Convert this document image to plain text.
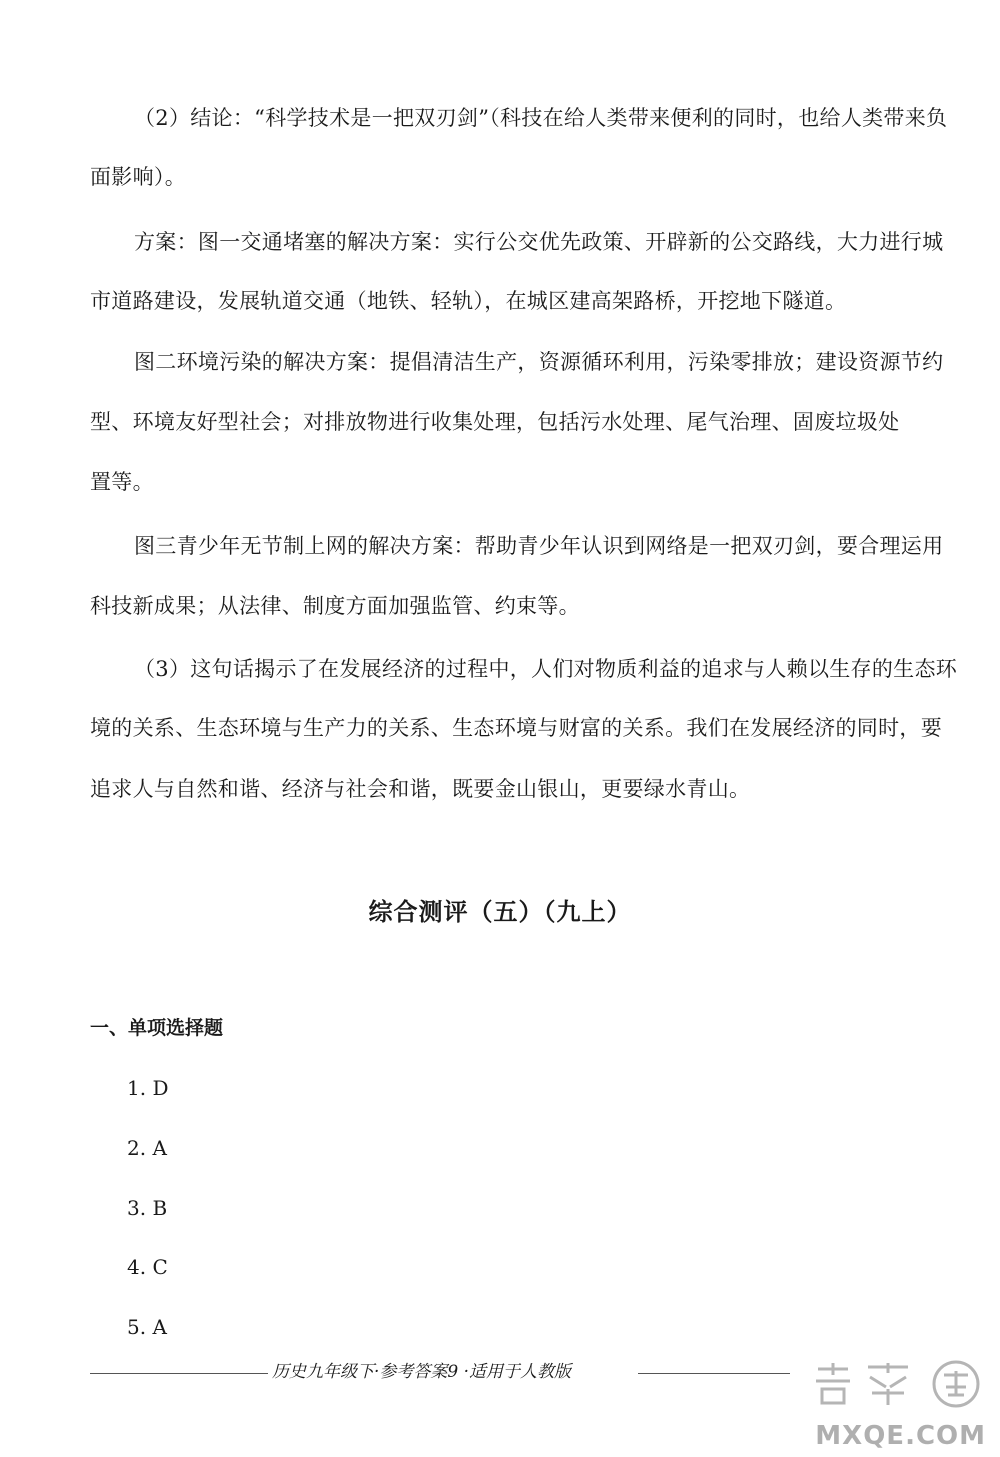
（2）结论：“科学技术是一把双刃剑”（科技在给人类带来便利的同时，也给人类带来负
面影响）。
方案：图一交通堵塞的解决方案：实行公交优先政策、开辟新的公交路线，大力进行城
市道路建设，发展轨道交通（地铁、轻轨），在城区建高架路桥，开挖地下隧道。
图二环境污染的解决方案：提倡清洁生产，资源循环利用，污染零排放；建设资源节约
型、环境友好型社会；对排放物进行收集处理，包括污水处理、尾气治理、固废垃圾处
置等。
图三青少年无节制上网的解决方案：帮助青少年认识到网络是一把双刃剑，要合理运用
科技新成果；从法律、制度方面加强监管、约束等。
（3）这句话揭示了在发展经济的过程中，人们对物质利益的追求与人赖以生存的生态环
境的关系、生态环境与生产力的关系、生态环境与财富的关系。我们在发展经济的同时，要
追求人与自然和谐、经济与社会和谐，既要金山银山，更要绿水青山。
综合测评（五）（九上）
一、单项选择题
1. D
2. A
3. B
4. C
5. A
历史九年级下·参考答案9 ·适用于人教版
MXQE.COM
